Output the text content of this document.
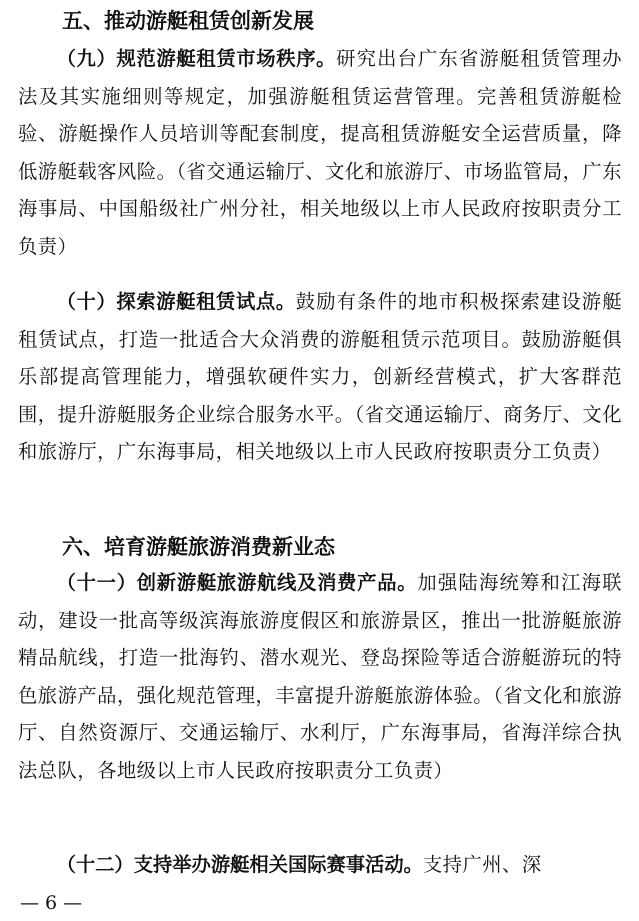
五、推动游艇租赁创新发展

（九）规范游艇租赁市场秩序。研究出台广东省游艇租赁管理办法及其实施细则等规定，加强游艇租赁运营管理。完善租赁游艇检验、游艇操作人员培训等配套制度，提高租赁游艇安全运营质量，降低游艇载客风险。（省交通运输厅、文化和旅游厅、市场监管局，广东海事局、中国船级社广州分社，相关地级以上市人民政府按职责分工负责）

（十）探索游艇租赁试点。鼓励有条件的地市积极探索建设游艇租赁试点，打造一批适合大众消费的游艇租赁示范项目。鼓励游艇俱乐部提高管理能力，增强软硬件实力，创新经营模式，扩大客群范围，提升游艇服务企业综合服务水平。（省交通运输厅、商务厅、文化和旅游厅，广东海事局，相关地级以上市人民政府按职责分工负责）

六、培育游艇旅游消费新业态

（十一）创新游艇旅游航线及消费产品。加强陆海统筹和江海联动，建设一批高等级滨海旅游度假区和旅游景区，推出一批游艇旅游精品航线，打造一批海钓、潜水观光、登岛探险等适合游艇游玩的特色旅游产品，强化规范管理，丰富提升游艇旅游体验。（省文化和旅游厅、自然资源厅、交通运输厅、水利厅，广东海事局，省海洋综合执法总队，各地级以上市人民政府按职责分工负责）

（十二）支持举办游艇相关国际赛事活动。支持广州、深

— 6 —
